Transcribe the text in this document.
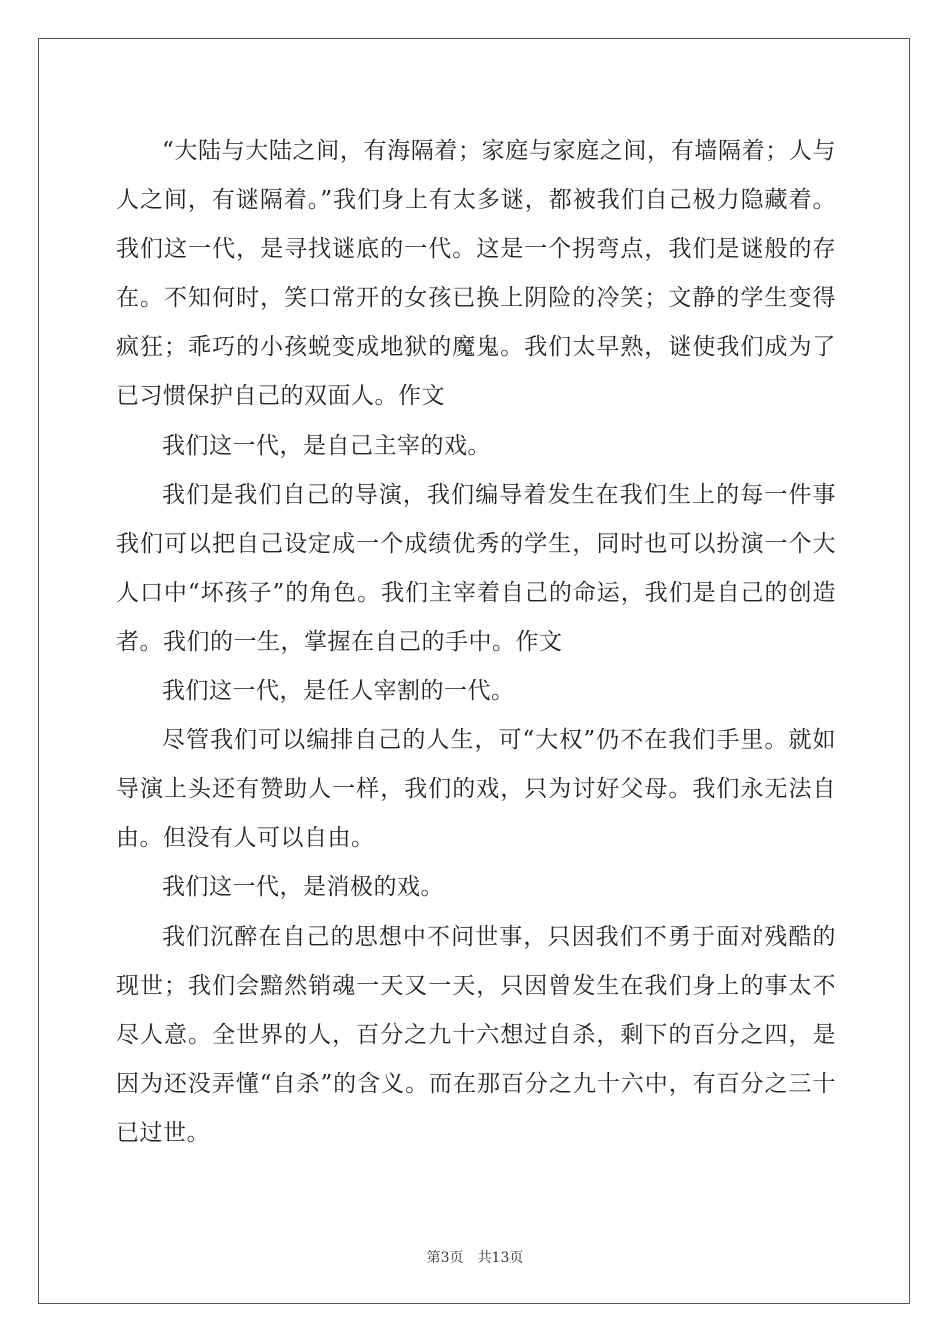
“大陆与大陆之间，有海隔着；家庭与家庭之间，有墙隔着；人与人之间，有谜隔着。”我们身上有太多谜，都被我们自己极力隐藏着。我们这一代，是寻找谜底的一代。这是一个拐弯点，我们是谜般的存在。不知何时，笑口常开的女孩已换上阴险的冷笑；文静的学生变得疯狂；乖巧的小孩蜕变成地狱的魔鬼。我们太早熟，谜使我们成为了已习惯保护自己的双面人。作文

我们这一代，是自己主宰的戏。

我们是我们自己的导演，我们编导着发生在我们生上的每一件事我们可以把自己设定成一个成绩优秀的学生，同时也可以扮演一个大人口中“坏孩子”的角色。我们主宰着自己的命运，我们是自己的创造者。我们的一生，掌握在自己的手中。作文

我们这一代，是任人宰割的一代。

尽管我们可以编排自己的人生，可“大权”仍不在我们手里。就如导演上头还有赞助人一样，我们的戏，只为讨好父母。我们永无法自由。但没有人可以自由。

我们这一代，是消极的戏。

我们沉醉在自己的思想中不问世事，只因我们不勇于面对残酷的现世；我们会黯然销魂一天又一天，只因曾发生在我们身上的事太不尽人意。全世界的人，百分之九十六想过自杀，剩下的百分之四，是因为还没弄懂“自杀”的含义。而在那百分之九十六中，有百分之三十已过世。

第3页　共13页
